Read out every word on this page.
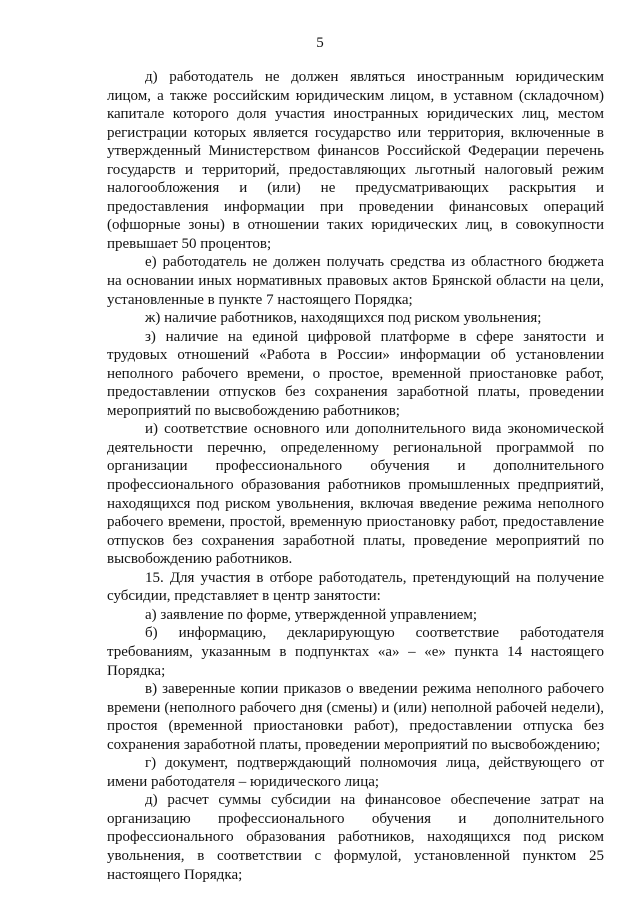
5

д) работодатель не должен являться иностранным юридическим лицом, а также российским юридическим лицом, в уставном (складочном) капитале которого доля участия иностранных юридических лиц, местом регистрации которых является государство или территория, включенные в утвержденный Министерством финансов Российской Федерации перечень государств и территорий, предоставляющих льготный налоговый режим налогообложения и (или) не предусматривающих раскрытия и предоставления информации при проведении финансовых операций (офшорные зоны) в отношении таких юридических лиц, в совокупности превышает 50 процентов;

е) работодатель не должен получать средства из областного бюджета на основании иных нормативных правовых актов Брянской области на цели, установленные в пункте 7 настоящего Порядка;

ж) наличие работников, находящихся под риском увольнения;

з) наличие на единой цифровой платформе в сфере занятости и трудовых отношений «Работа в России» информации об установлении неполного рабочего времени, о простое, временной приостановке работ, предоставлении отпусков без сохранения заработной платы, проведении мероприятий по высвобождению работников;

и) соответствие основного или дополнительного вида экономической деятельности перечню, определенному региональной программой по организации профессионального обучения и дополнительного профессионального образования работников промышленных предприятий, находящихся под риском увольнения, включая введение режима неполного рабочего времени, простой, временную приостановку работ, предоставление отпусков без сохранения заработной платы, проведение мероприятий по высвобождению работников.

15. Для участия в отборе работодатель, претендующий на получение субсидии, представляет в центр занятости:

а) заявление по форме, утвержденной управлением;

б) информацию, декларирующую соответствие работодателя требованиям, указанным в подпунктах «а» – «е» пункта 14 настоящего Порядка;

в) заверенные копии приказов о введении режима неполного рабочего времени (неполного рабочего дня (смены) и (или) неполной рабочей недели), простоя (временной приостановки работ), предоставлении отпуска без сохранения заработной платы, проведении мероприятий по высвобождению;

г) документ, подтверждающий полномочия лица, действующего от имени работодателя – юридического лица;

д) расчет суммы субсидии на финансовое обеспечение затрат на организацию профессионального обучения и дополнительного профессионального образования работников, находящихся под риском увольнения, в соответствии с формулой, установленной пунктом 25 настоящего Порядка;
